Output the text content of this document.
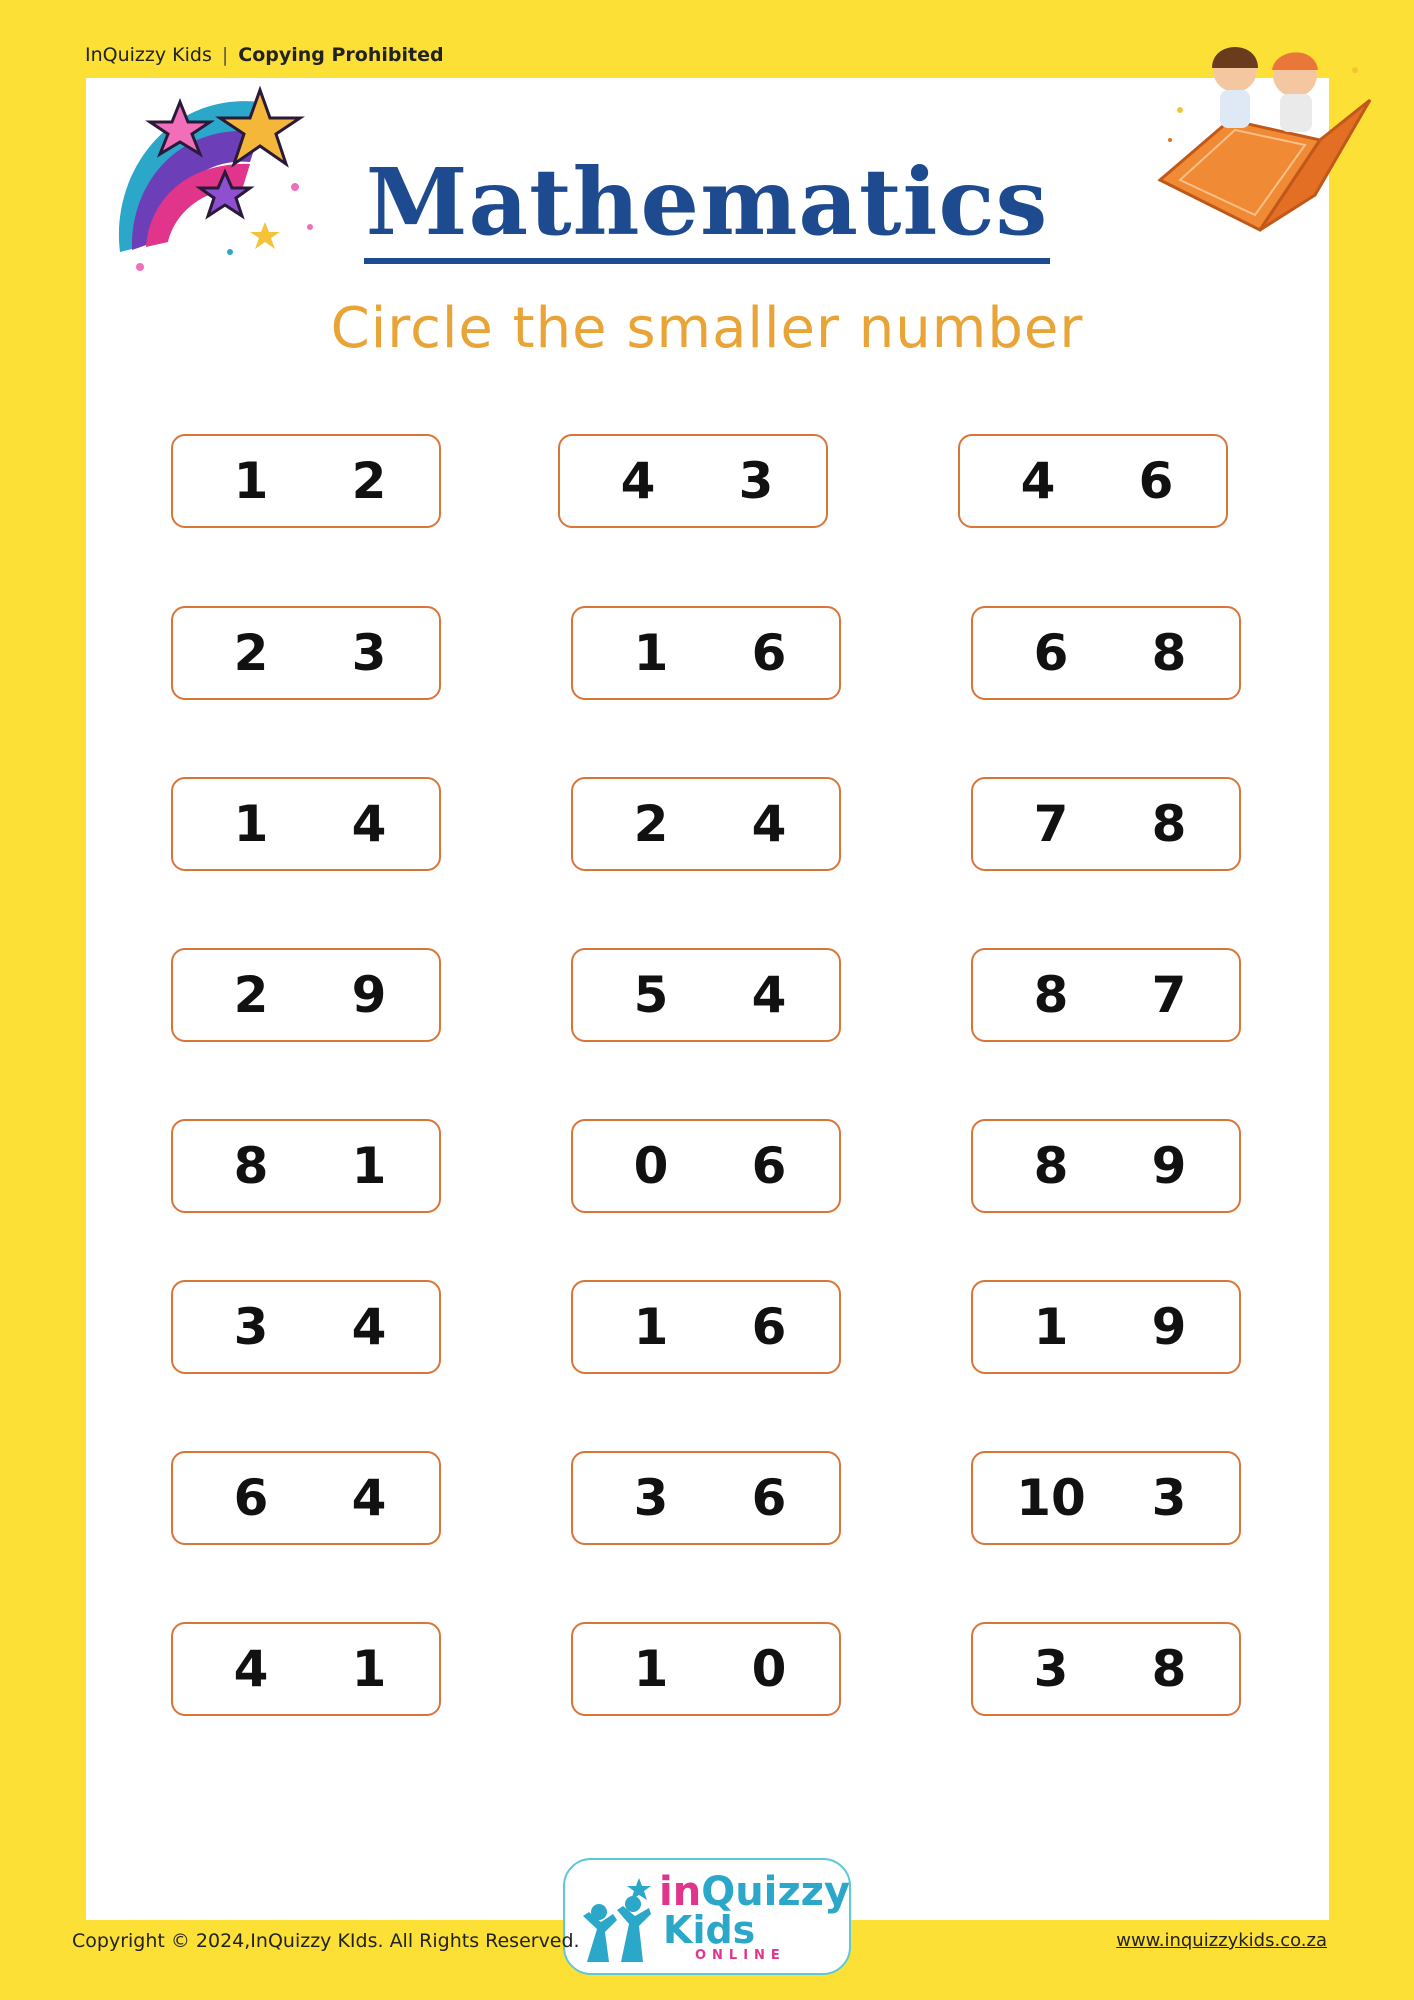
InQuizzy Kids | Copying Prohibited
Mathematics
Circle the smaller number
1 2	4 3	4 6
2 3	1 6	6 8
1 4	2 4	7 8
2 9	5 4	8 7
8 1	0 6	8 9
3 4	1 6	1 9
6 4	3 6	10 3
4 1	1 0	3 8
inQuizzy
Kids
ONLINE
Copyright © 2024,InQuizzy KIds. All Rights Reserved.	www.inquizzykids.co.za
